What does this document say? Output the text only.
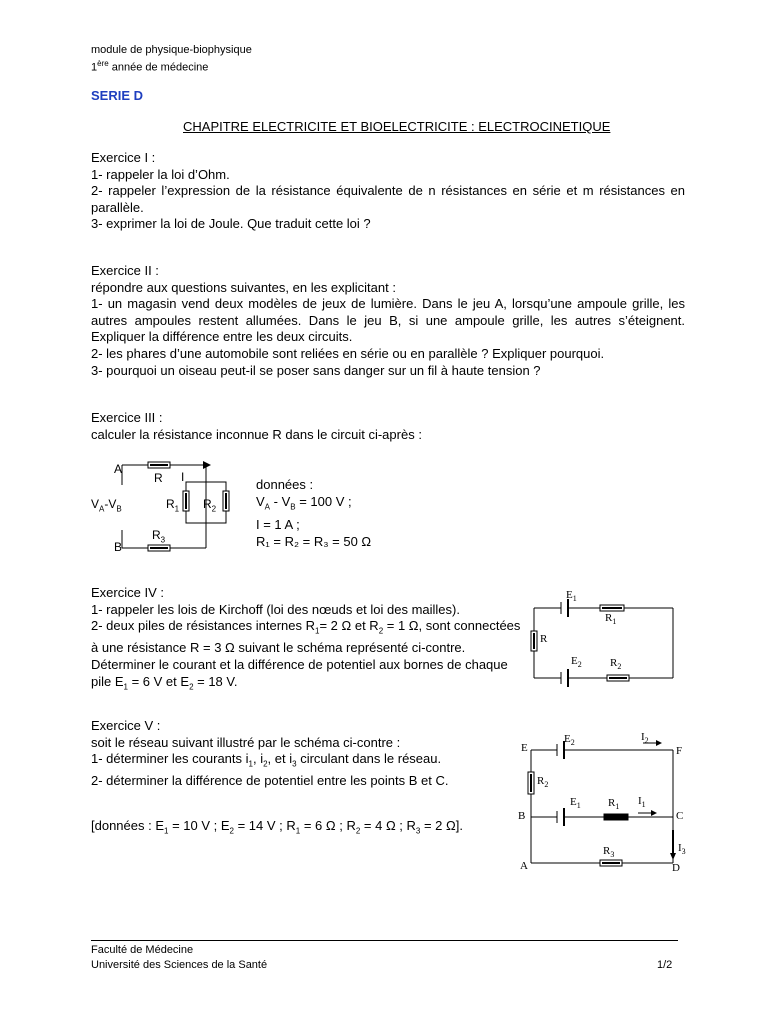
module de physique-biophysique
1ère année de médecine
SERIE D
CHAPITRE ELECTRICITE ET BIOELECTRICITE : ELECTROCINETIQUE
Exercice I :
1- rappeler la loi d’Ohm.
2- rappeler l’expression de la résistance équivalente de n résistances en série et m résistances en parallèle.
3- exprimer la loi de Joule. Que traduit cette loi ?
Exercice II :
répondre aux questions suivantes, en les explicitant :
1- un magasin vend deux modèles de jeux de lumière. Dans le jeu A, lorsqu’une ampoule grille, les autres ampoules restent allumées. Dans le jeu B, si une ampoule grille, les autres s’éteignent. Expliquer la différence entre les deux circuits.
2- les phares d’une automobile sont reliées en série ou en parallèle ? Expliquer pourquoi.
3- pourquoi un oiseau peut-il se poser sans danger sur un fil à haute tension ?
Exercice III :
calculer la résistance inconnue R dans le circuit ci-après :
A
B
R I
$R_1$ $R_2$
$R_3$
$V_A-V_B$
données :
$V_A - V_B = 100$ V ;
I = 1 A ;
R₁ = R₂ = R₃ = 50 Ω
Exercice IV :
1- rappeler les lois de Kirchoff (loi des nœuds et loi des mailles).
2- deux piles de résistances internes $R_1= 2$ Ω et $R_2 = 1$ Ω, sont connectées
à une résistance R = 3 Ω suivant le schéma représenté ci-contre.
Déterminer le courant et la différence de potentiel aux bornes de chaque
pile $E_1 = 6$ V et $E_2 = 18$ V.
$E_1$
$R_1$
R
$E_2$	$R_2$
Exercice V :
soit le réseau suivant illustré par le schéma ci-contre :
1- déterminer les courants $i_1$, $i_2$, et $i_3$ circulant dans le réseau.
2- déterminer la différence de potentiel entre les points B et C.
[données : $E_1 = 10$ V ; $E_2 = 14$ V ; $R_1 = 6$ Ω ; $R_2 = 4$ Ω ; $R_3 = 2$ Ω].
E	F
B	C
A	D
$E_2$	$I_2$
$R_2$
$E_1$ $R_1$ $I_1$
$I_3$
$R_3$
Faculté de Médecine
Université des Sciences de la Santé	1/2
